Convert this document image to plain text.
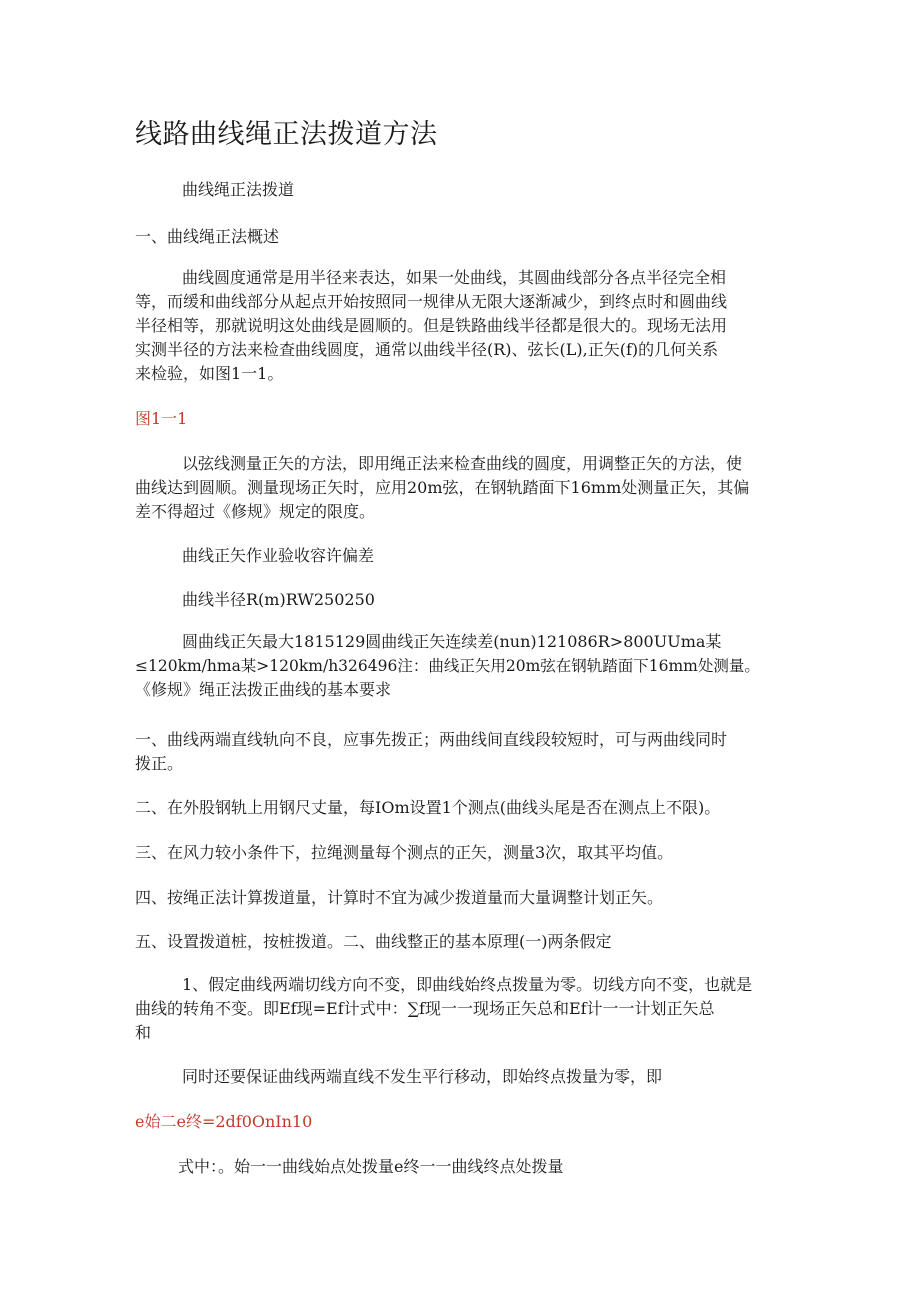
线路曲线绳正法拨道方法

曲线绳正法拨道

一、曲线绳正法概述

曲线圆度通常是用半径来表达，如果一处曲线，其圆曲线部分各点半径完全相
等，而缓和曲线部分从起点开始按照同一规律从无限大逐渐减少，到终点时和圆曲线
半径相等，那就说明这处曲线是圆顺的。但是铁路曲线半径都是很大的。现场无法用
实测半径的方法来检查曲线圆度，通常以曲线半径(R)、弦长(L),正矢(f)的几何关系
来检验，如图1一1。

图1一1

以弦线测量正矢的方法，即用绳正法来检查曲线的圆度，用调整正矢的方法，使
曲线达到圆顺。测量现场正矢时，应用20m弦，在钢轨踏面下16mm处测量正矢，其偏
差不得超过《修规》规定的限度。

曲线正矢作业验收容许偏差

曲线半径R(m)RW250250

圆曲线正矢最大1815129圆曲线正矢连续差(nun)121086R>800UUma某
≤120km/hma某>120km/h326496注：曲线正矢用20m弦在钢轨踏面下16mm处测量。
《修规》绳正法拨正曲线的基本要求
一、曲线两端直线轨向不良，应事先拨正；两曲线间直线段较短时，可与两曲线同时
拨正。

二、在外股钢轨上用钢尺丈量，每IOm设置1个测点(曲线头尾是否在测点上不限)。

三、在风力较小条件下，拉绳测量每个测点的正矢，测量3次，取其平均值。

四、按绳正法计算拨道量，计算时不宜为减少拨道量而大量调整计划正矢。

五、设置拨道桩，按桩拨道。二、曲线整正的基本原理(一)两条假定

1、假定曲线两端切线方向不变，即曲线始终点拨量为零。切线方向不变，也就是
曲线的转角不变。即Ef现=Ef计式中：∑f现一一现场正矢总和Ef计一一计划正矢总
和

同时还要保证曲线两端直线不发生平行移动，即始终点拨量为零，即

e始二e终=2df0OnIn10

式中：。始一一曲线始点处拨量e终一一曲线终点处拨量
